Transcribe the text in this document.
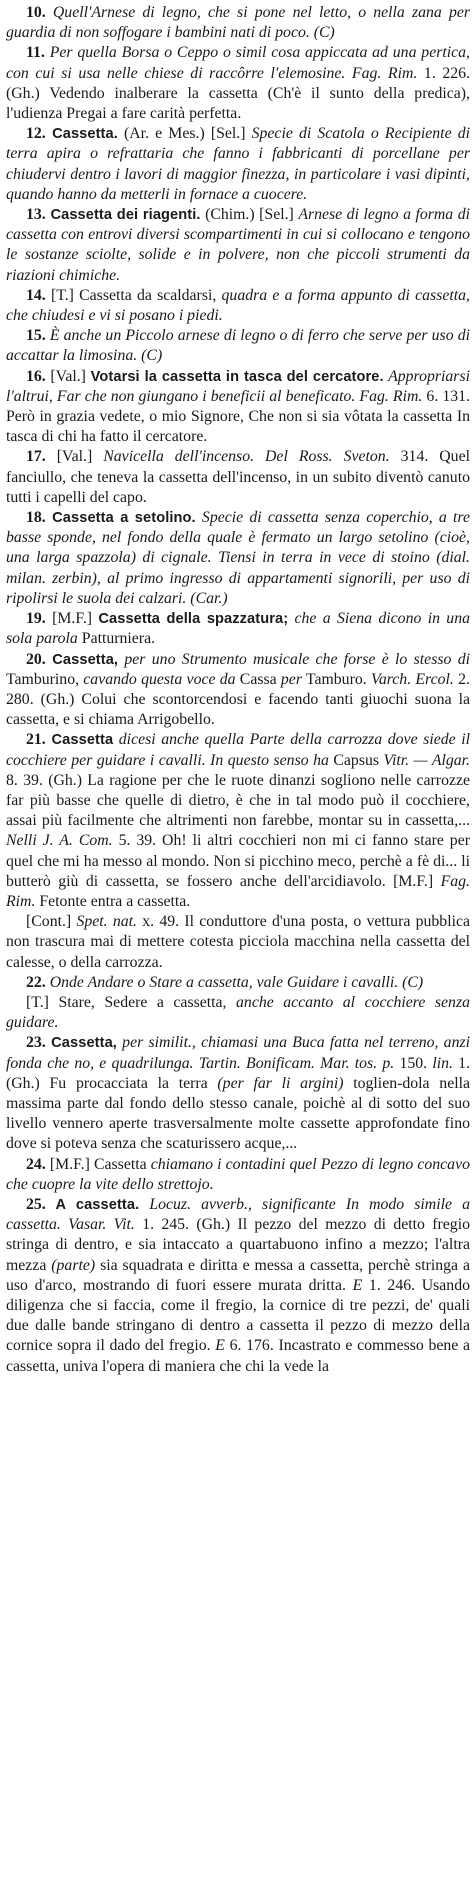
10. Quell'Arnese di legno, che si pone nel letto, o nella zana per guardia di non soffogare i bambini nati di poco. (C)

11. Per quella Borsa o Ceppo o simil cosa appiccata ad una pertica, con cui si usa nelle chiese di raccôrre l'elemosine. Fag. Rim. 1. 226. (Gh.) Vedendo inalberare la cassetta (Ch'è il sunto della predica), l'udienza Pregai a fare carità perfetta.

12. Cassetta. (Ar. e Mes.) [Sel.] Specie di Scatola o Recipiente di terra apira o refrattaria che fanno i fabbricanti di porcellane per chiudervi dentro i lavori di maggior finezza, in particolare i vasi dipinti, quando hanno da metterli in fornace a cuocere.

13. Cassetta dei riagenti. (Chim.) [Sel.] Arnese di legno a forma di cassetta con entrovi diversi scompartimenti in cui si collocano e tengono le sostanze sciolte, solide e in polvere, non che piccoli strumenti da riazioni chimiche.

14. [T.] Cassetta da scaldarsi, quadra e a forma appunto di cassetta, che chiudesi e vi si posano i piedi.

15. È anche un Piccolo arnese di legno o di ferro che serve per uso di accattar la limosina. (C)

16. [Val.] Votarsi la cassetta in tasca del cercatore. Appropriarsi l'altrui, Far che non giungano i beneficii al beneficato. Fag. Rim. 6. 131. Però in grazia vedete, o mio Signore, Che non si sia vôtata la cassetta In tasca di chi ha fatto il cercatore.

17. [Val.] Navicella dell'incenso. Del Ross. Sveton. 314. Quel fanciullo, che teneva la cassetta dell'incenso, in un subito diventò canuto tutti i capelli del capo.

18. Cassetta a setolino. Specie di cassetta senza coperchio, a tre basse sponde, nel fondo della quale è fermato un largo setolino (cioè, una larga spazzola) di cignale. Tiensi in terra in vece di stoino (dial. milan. zerbin), al primo ingresso di appartamenti signorili, per uso di ripolirsi le suola dei calzari. (Car.)

19. [M.F.] Cassetta della spazzatura; che a Siena dicono in una sola parola Patturniera.

20. Cassetta, per uno Strumento musicale che forse è lo stesso di Tamburino, cavando questa voce da Cassa per Tamburo. Varch. Ercol. 2. 280. (Gh.) Colui che scontorcendosi e facendo tanti giuochi suona la cassetta, e si chiama Arrigobello.

21. Cassetta dicesi anche quella Parte della carrozza dove siede il cocchiere per guidare i cavalli. In questo senso ha Capsus Vitr. — Algar. 8. 39. (Gh.) La ragione per che le ruote dinanzi sogliono nelle carrozze far più basse che quelle di dietro, è che in tal modo può il cocchiere, assai più facilmente che altrimenti non farebbe, montar su in cassetta,... Nelli J. A. Com. 5. 39. Oh! li altri cocchieri non mi ci fanno stare per quel che mi ha messo al mondo. Non si picchino meco, perchè a fè di... li butterò giù di cassetta, se fossero anche dell'arcidiavolo. [M.F.] Fag. Rim. Fetonte entra a cassetta.

[Cont.] Spet. nat. x. 49. Il conduttore d'una posta, o vettura pubblica non trascura mai di mettere cotesta picciola macchina nella cassetta del calesse, o della carrozza.

22. Onde Andare o Stare a cassetta, vale Guidare i cavalli. (C)

[T.] Stare, Sedere a cassetta, anche accanto al cocchiere senza guidare.

23. Cassetta, per similit., chiamasi una Buca fatta nel terreno, anzi fonda che no, e quadrilunga. Tartin. Bonificam. Mar. tos. p. 150. lin. 1. (Gh.) Fu procacciata la terra (per far li argini) toglien-dola nella massima parte dal fondo dello stesso canale, poichè al di sotto del suo livello vennero aperte trasversalmente molte cassette approfondate fino dove si poteva senza che scaturissero acque,...

24. [M.F.] Cassetta chiamano i contadini quel Pezzo di legno concavo che cuopre la vite dello strettojo.

25. A cassetta. Locuz. avverb., significante In modo simile a cassetta. Vasar. Vit. 1. 245. (Gh.) Il pezzo del mezzo di detto fregio stringa di dentro, e sia intaccato a quartabuono infino a mezzo; l'altra mezza (parte) sia squadrata e diritta e messa a cassetta, perchè stringa a uso d'arco, mostrando di fuori essere murata dritta. E 1. 246. Usando diligenza che si faccia, come il fregio, la cornice di tre pezzi, de' quali due dalle bande stringano di dentro a cassetta il pezzo di mezzo della cornice sopra il dado del fregio. E 6. 176. Incastrato e commesso bene a cassetta, univa l'opera di maniera che chi la vede la
